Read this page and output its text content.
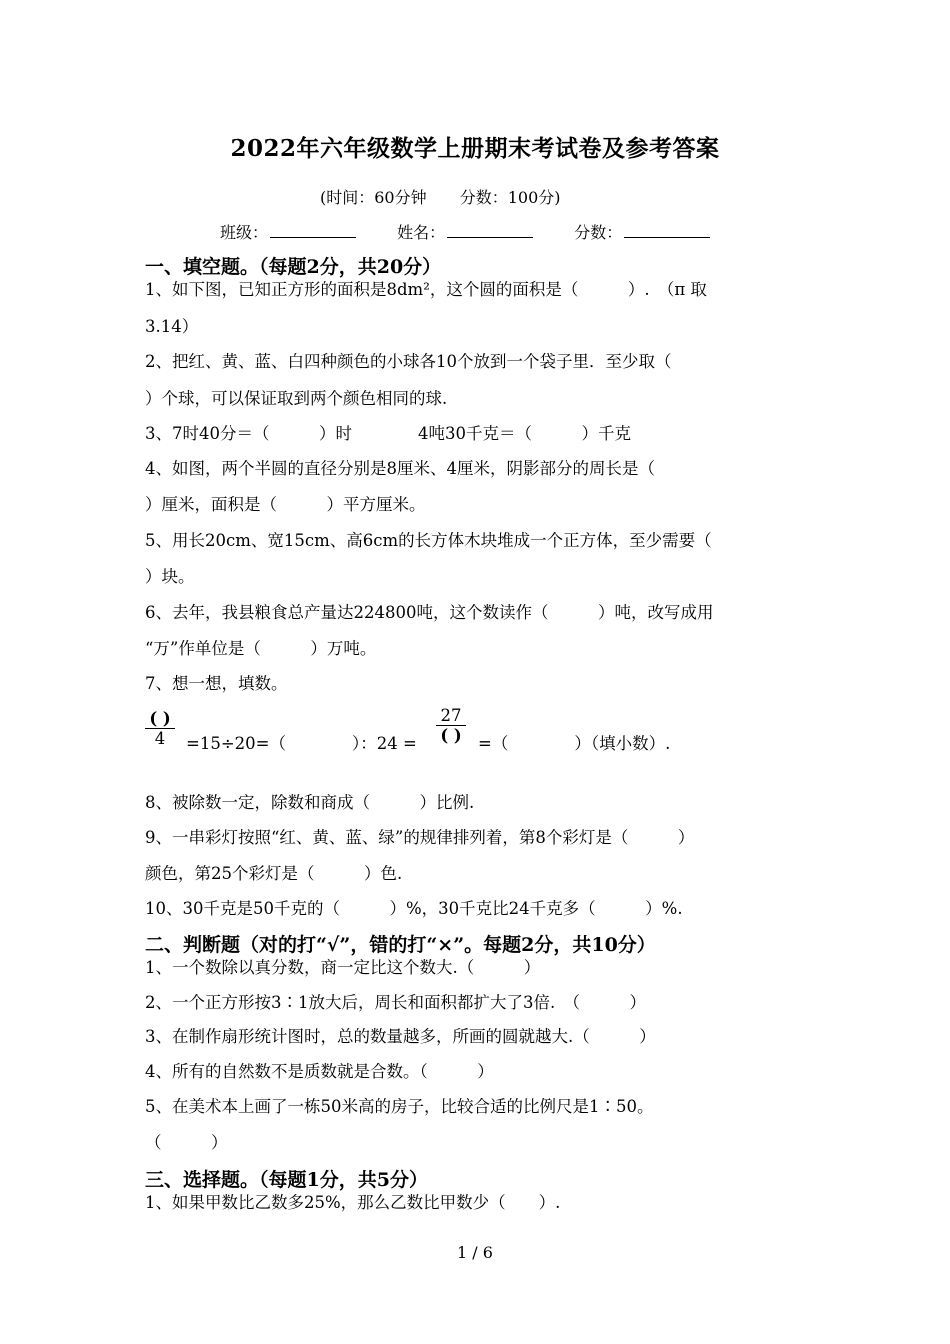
2022年六年级数学上册期末考试卷及参考答案
(时间：60分钟 分数：100分)
班级：	姓名：	分数：
一、填空题。（每题2分，共20分）
1、如下图，已知正方形的面积是8dm²，这个圆的面积是（　　　）.　（π 取
3.14）
2、把红、黄、蓝、白四种颜色的小球各10个放到一个袋子里．至少取（
）个球，可以保证取到两个颜色相同的球.
3、7时40分＝（　　　）时　　　　4吨30千克＝（　　　）千克
4、如图，两个半圆的直径分别是8厘米、4厘米，阴影部分的周长是（
）厘米，面积是（　　　）平方厘米。
5、用长20cm、宽15cm、高6cm的长方体木块堆成一个正方体，至少需要（
）块。
6、去年，我县粮食总产量达224800吨，这个数读作（　　　）吨，改写成用
“万”作单位是（　　　）万吨。
7、想一想，填数。
( )
4	=15÷20=（　　　　）：24 =
27
( ) =（　　　　）（填小数）.
8、被除数一定，除数和商成（　　　）比例.
9、一串彩灯按照“红、黄、蓝、绿”的规律排列着，第8个彩灯是（　　　）
颜色，第25个彩灯是（　　　）色.
10、30千克是50千克的（　　　）%，30千克比24千克多（　　　）%.
二、判断题（对的打“√”，错的打“×”。每题2分，共10分）
1、一个数除以真分数，商一定比这个数大.（　　　）
2、一个正方形按3∶1放大后，周长和面积都扩大了3倍.　（　　　）
3、在制作扇形统计图时，总的数量越多，所画的圆就越大.（　　　）
4、所有的自然数不是质数就是合数。（　　　）
5、在美术本上画了一栋50米高的房子，比较合适的比例尺是1∶50。
（　　　）
三、选择题。（每题1分，共5分）
1、如果甲数比乙数多25%，那么乙数比甲数少（　　）.
1 / 6
